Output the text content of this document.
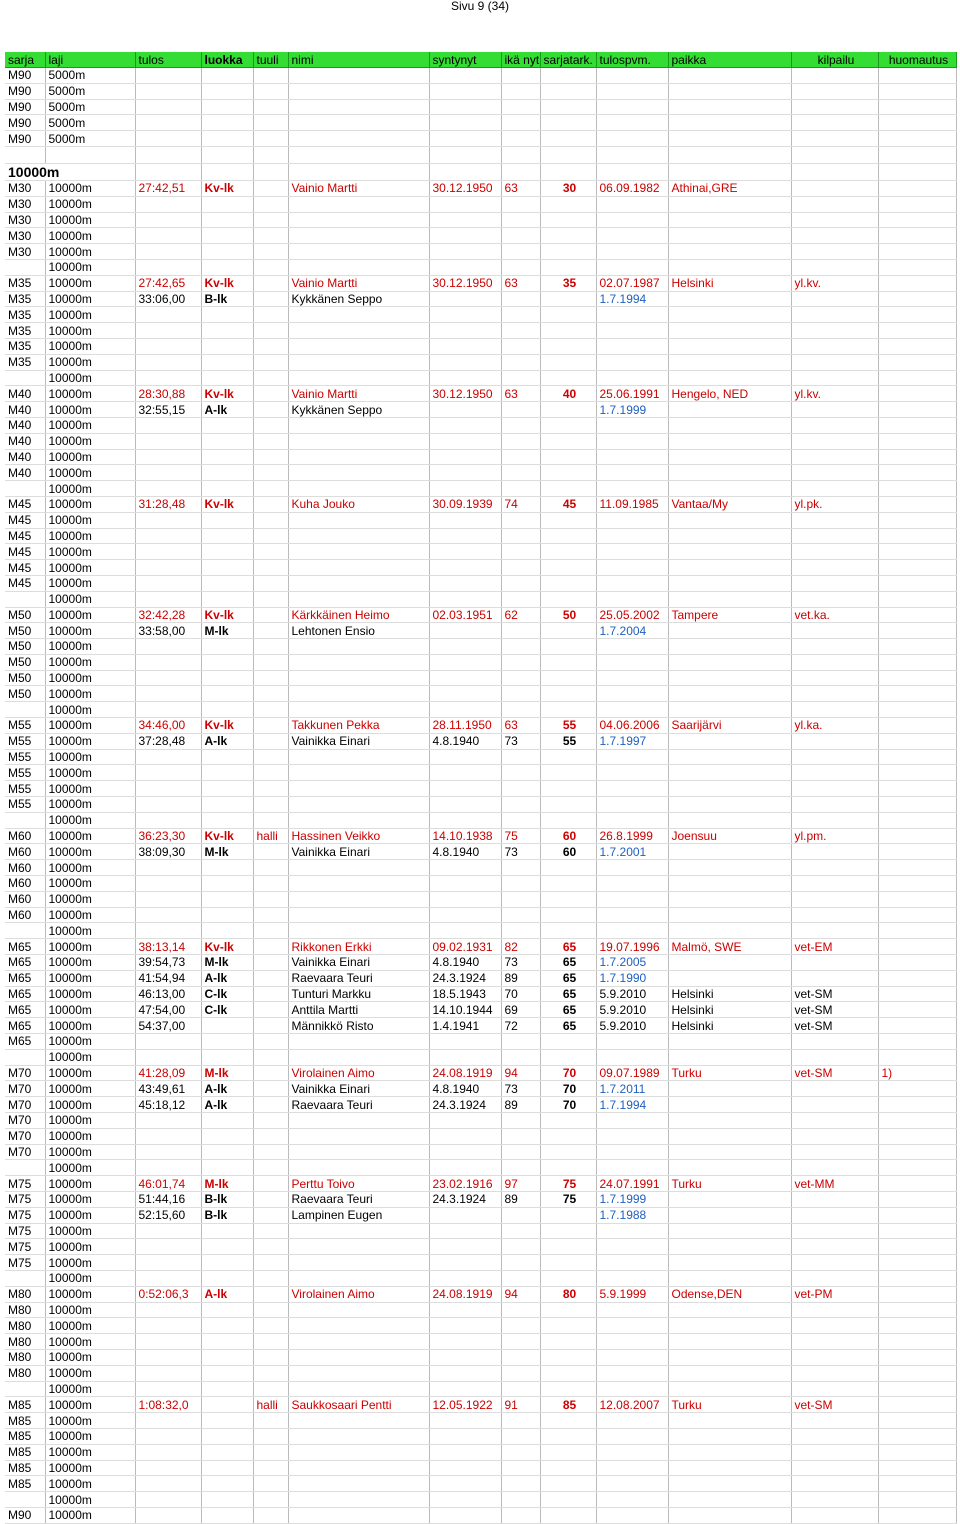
Sivu 9 (34)
sarja	laji	tulos	luokka	tuuli	nimi	syntynyt	ikä nyt	sarjatark.	tulospvm.	paikka	kilpailu	huomautus
M90	5000m											
M90	5000m											
M90	5000m											
M90	5000m											
M90	5000m											

10000m												
M30	10000m	27:42,51	Kv-lk		Vainio Martti	30.12.1950	63	30	06.09.1982	Athinai,GRE		
M30	10000m											
M30	10000m											
M30	10000m											
M30	10000m											
	10000m											
M35	10000m	27:42,65	Kv-lk		Vainio Martti	30.12.1950	63	35	02.07.1987	Helsinki	yl.kv.	
M35	10000m	33:06,00	B-lk		Kykkänen Seppo				1.7.1994			
M35	10000m											
M35	10000m											
M35	10000m											
M35	10000m											
	10000m											
M40	10000m	28:30,88	Kv-lk		Vainio Martti	30.12.1950	63	40	25.06.1991	Hengelo, NED	yl.kv.	
M40	10000m	32:55,15	A-lk		Kykkänen Seppo				1.7.1999			
M40	10000m											
M40	10000m											
M40	10000m											
M40	10000m											
	10000m											
M45	10000m	31:28,48	Kv-lk		Kuha Jouko	30.09.1939	74	45	11.09.1985	Vantaa/My	yl.pk.	
M45	10000m											
M45	10000m											
M45	10000m											
M45	10000m											
M45	10000m											
	10000m											
M50	10000m	32:42,28	Kv-lk		Kärkkäinen Heimo	02.03.1951	62	50	25.05.2002	Tampere	vet.ka.	
M50	10000m	33:58,00	M-lk		Lehtonen Ensio				1.7.2004			
M50	10000m											
M50	10000m											
M50	10000m											
M50	10000m											
	10000m											
M55	10000m	34:46,00	Kv-lk		Takkunen Pekka	28.11.1950	63	55	04.06.2006	Saarijärvi	yl.ka.	
M55	10000m	37:28,48	A-lk		Vainikka Einari	4.8.1940	73	55	1.7.1997			
M55	10000m											
M55	10000m											
M55	10000m											
M55	10000m											
	10000m											
M60	10000m	36:23,30	Kv-lk	halli	Hassinen Veikko	14.10.1938	75	60	26.8.1999	Joensuu	yl.pm.	
M60	10000m	38:09,30	M-lk		Vainikka Einari	4.8.1940	73	60	1.7.2001			
M60	10000m											
M60	10000m											
M60	10000m											
M60	10000m											
	10000m											
M65	10000m	38:13,14	Kv-lk		Rikkonen Erkki	09.02.1931	82	65	19.07.1996	Malmö, SWE	vet-EM	
M65	10000m	39:54,73	M-lk		Vainikka Einari	4.8.1940	73	65	1.7.2005			
M65	10000m	41:54,94	A-lk		Raevaara Teuri	24.3.1924	89	65	1.7.1990			
M65	10000m	46:13,00	C-lk		Tunturi Markku	18.5.1943	70	65	5.9.2010	Helsinki	vet-SM	
M65	10000m	47:54,00	C-lk		Anttila Martti	14.10.1944	69	65	5.9.2010	Helsinki	vet-SM	
M65	10000m	54:37,00			Männikkö Risto	1.4.1941	72	65	5.9.2010	Helsinki	vet-SM	
M65	10000m											
	10000m											
M70	10000m	41:28,09	M-lk		Virolainen Aimo	24.08.1919	94	70	09.07.1989	Turku	vet-SM	1)
M70	10000m	43:49,61	A-lk		Vainikka Einari	4.8.1940	73	70	1.7.2011			
M70	10000m	45:18,12	A-lk		Raevaara Teuri	24.3.1924	89	70	1.7.1994			
M70	10000m											
M70	10000m											
M70	10000m											
	10000m											
M75	10000m	46:01,74	M-lk		Perttu Toivo	23.02.1916	97	75	24.07.1991	Turku	vet-MM	
M75	10000m	51:44,16	B-lk		Raevaara Teuri	24.3.1924	89	75	1.7.1999			
M75	10000m	52:15,60	B-lk		Lampinen Eugen				1.7.1988			
M75	10000m											
M75	10000m											
M75	10000m											
	10000m											
M80	10000m	0:52:06,3	A-lk		Virolainen Aimo	24.08.1919	94	80	5.9.1999	Odense,DEN	vet-PM	
M80	10000m											
M80	10000m											
M80	10000m											
M80	10000m											
M80	10000m											
	10000m											
M85	10000m	1:08:32,0		halli	Saukkosaari Pentti	12.05.1922	91	85	12.08.2007	Turku	vet-SM	
M85	10000m											
M85	10000m											
M85	10000m											
M85	10000m											
M85	10000m											
	10000m											
M90	10000m											
